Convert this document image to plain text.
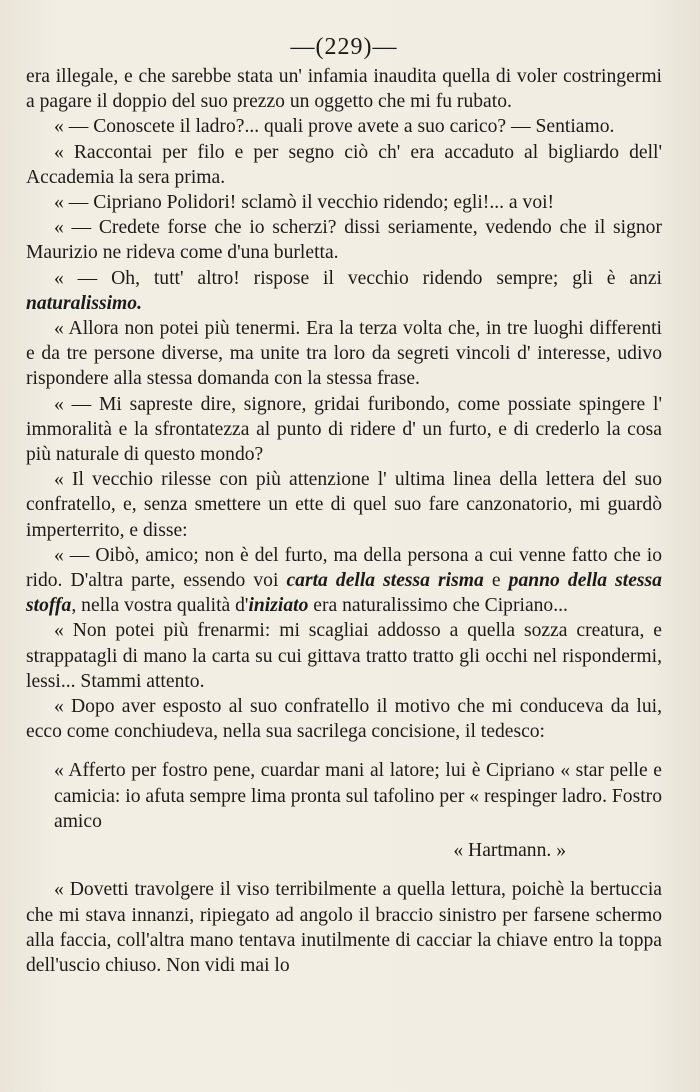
—(229)—

era illegale, e che sarebbe stata un' infamia inaudita quella di voler costringermi a pagare il doppio del suo prezzo un oggetto che mi fu rubato.

« — Conoscete il ladro?... quali prove avete a suo carico? — Sentiamo.

« Raccontai per filo e per segno ciò ch' era accaduto al bigliardo dell' Accademia la sera prima.

« — Cipriano Polidori! sclamò il vecchio ridendo; egli!... a voi!

« — Credete forse che io scherzi? dissi seriamente, vedendo che il signor Maurizio ne rideva come d'una burletta.

« — Oh, tutt' altro! rispose il vecchio ridendo sempre; gli è anzi naturalissimo.

« Allora non potei più tenermi. Era la terza volta che, in tre luoghi differenti e da tre persone diverse, ma unite tra loro da segreti vincoli d' interesse, udivo rispondere alla stessa domanda con la stessa frase.

« — Mi sapreste dire, signore, gridai furibondo, come possiate spingere l' immoralità e la sfrontatezza al punto di ridere d' un furto, e di crederlo la cosa più naturale di questo mondo?

« Il vecchio rilesse con più attenzione l' ultima linea della lettera del suo confratello, e, senza smettere un ette di quel suo fare canzonatorio, mi guardò imperterrito, e disse:

« — Oibò, amico; non è del furto, ma della persona a cui venne fatto che io rido. D'altra parte, essendo voi carta della stessa risma e panno della stessa stoffa, nella vostra qualità d'iniziato era naturalissimo che Cipriano...

« Non potei più frenarmi: mi scagliai addosso a quella sozza creatura, e strappatagli di mano la carta su cui gittava tratto tratto gli occhi nel rispondermi, lessi... Stammi attento.

« Dopo aver esposto al suo confratello il motivo che mi conduceva da lui, ecco come conchiudeva, nella sua sacrilega concisione, il tedesco:

« Afferto per fostro pene, cuardar mani al latore; lui è Cipriano « star pelle e camicia: io afuta sempre lima pronta sul tafolino per « respinger ladro. Fostro amico

« Hartmann. »

« Dovetti travolgere il viso terribilmente a quella lettura, poichè la bertuccia che mi stava innanzi, ripiegato ad angolo il braccio sinistro per farsene schermo alla faccia, coll'altra mano tentava inutilmente di cacciar la chiave entro la toppa dell'uscio chiuso. Non vidi mai lo
